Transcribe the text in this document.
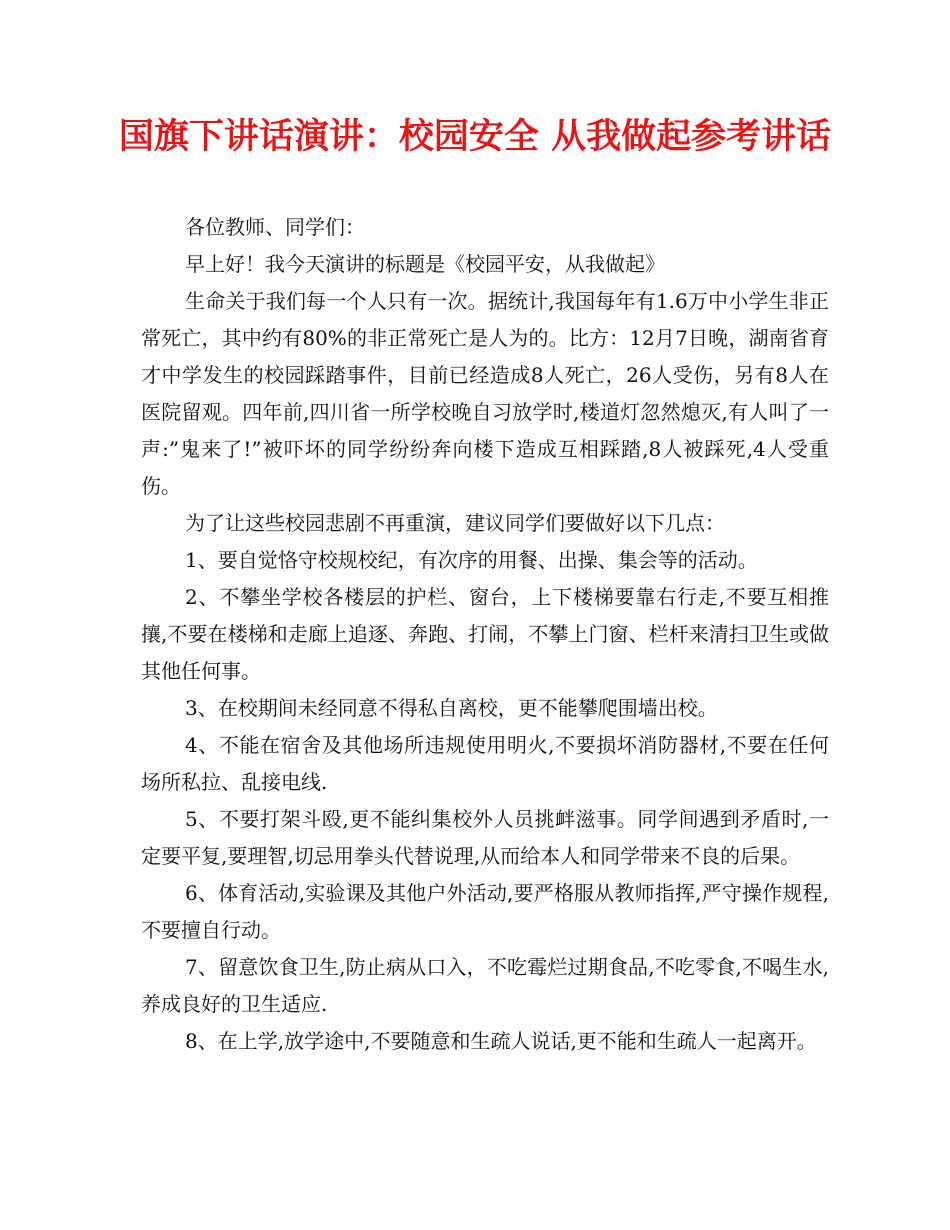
国旗下讲话演讲：校园安全 从我做起参考讲话

各位教师、同学们：

早上好！我今天演讲的标题是《校园平安，从我做起》

生命关于我们每一个人只有一次。据统计,我国每年有1.6万中小学生非正常死亡，其中约有80%的非正常死亡是人为的。比方：12月7日晚，湖南省育才中学发生的校园踩踏事件，目前已经造成8人死亡，26人受伤，另有8人在医院留观。四年前,四川省一所学校晚自习放学时,楼道灯忽然熄灭,有人叫了一声:”鬼来了!”被吓坏的同学纷纷奔向楼下造成互相踩踏,8人被踩死,4人受重伤。

为了让这些校园悲剧不再重演，建议同学们要做好以下几点：

1、要自觉恪守校规校纪，有次序的用餐、出操、集会等的活动。

2、不攀坐学校各楼层的护栏、窗台，上下楼梯要靠右行走,不要互相推攘,不要在楼梯和走廊上追逐、奔跑、打闹，不攀上门窗、栏杆来清扫卫生或做其他任何事。

3、在校期间未经同意不得私自离校，更不能攀爬围墙出校。

4、不能在宿舍及其他场所违规使用明火,不要损坏消防器材,不要在任何场所私拉、乱接电线.

5、不要打架斗殴,更不能纠集校外人员挑衅滋事。同学间遇到矛盾时,一定要平复,要理智,切忌用拳头代替说理,从而给本人和同学带来不良的后果。

6、体育活动,实验课及其他户外活动,要严格服从教师指挥,严守操作规程,不要擅自行动。

7、留意饮食卫生,防止病从口入，不吃霉烂过期食品,不吃零食,不喝生水,养成良好的卫生适应.

8、在上学,放学途中,不要随意和生疏人说话,更不能和生疏人一起离开。
